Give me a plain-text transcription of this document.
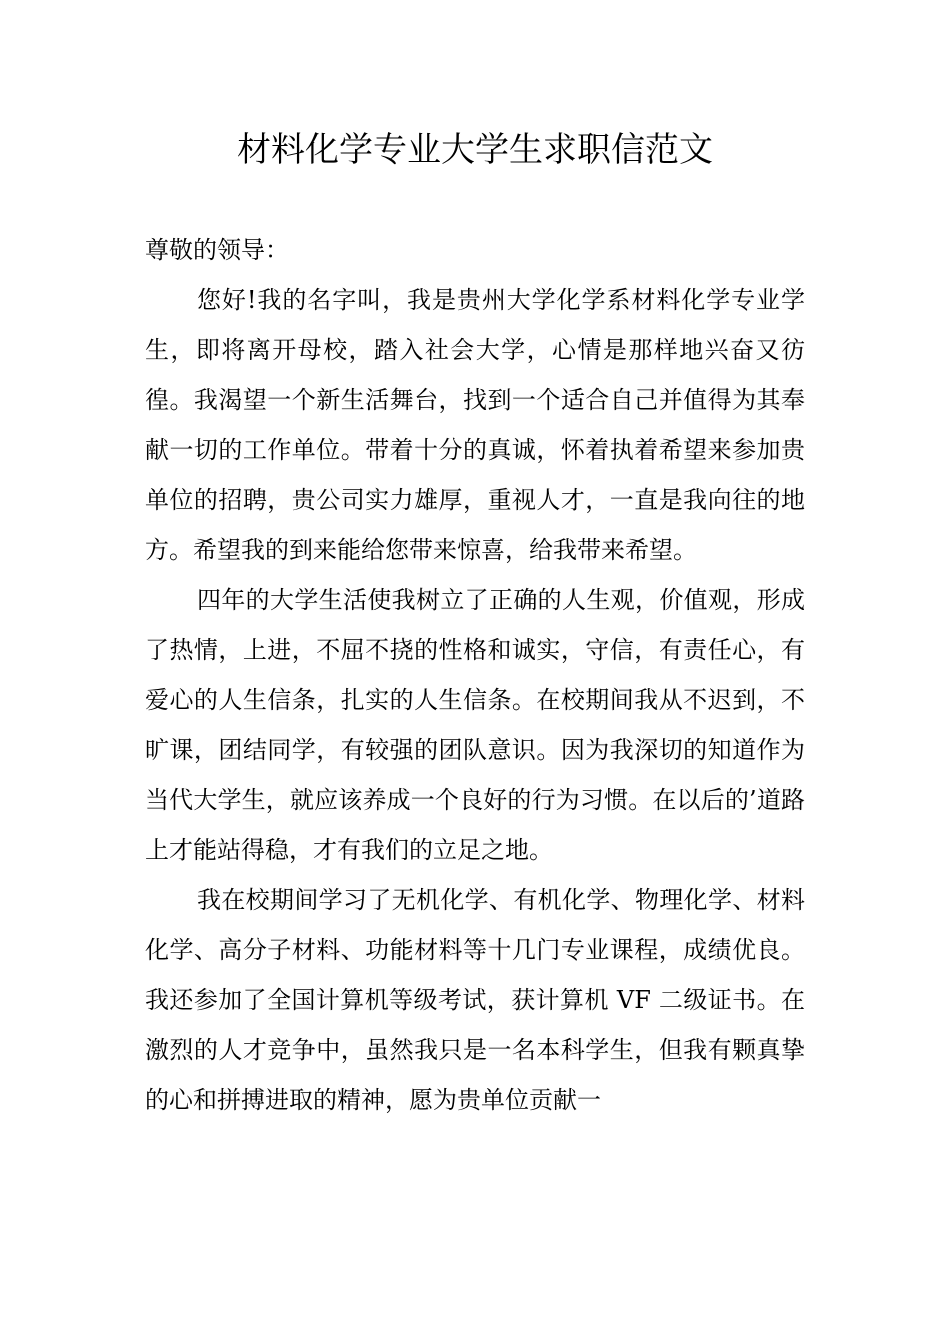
材料化学专业大学生求职信范文

尊敬的领导：

您好!我的名字叫，我是贵州大学化学系材料化学专业学生，即将离开母校，踏入社会大学，心情是那样地兴奋又彷徨。我渴望一个新生活舞台，找到一个适合自己并值得为其奉献一切的工作单位。带着十分的真诚，怀着执着希望来参加贵单位的招聘，贵公司实力雄厚，重视人才，一直是我向往的地方。希望我的到来能给您带来惊喜，给我带来希望。

四年的大学生活使我树立了正确的人生观，价值观，形成了热情，上进，不屈不挠的性格和诚实，守信，有责任心，有爱心的人生信条，扎实的人生信条。在校期间我从不迟到，不旷课，团结同学，有较强的团队意识。因为我深切的知道作为当代大学生，就应该养成一个良好的行为习惯。在以后的’道路上才能站得稳，才有我们的立足之地。

我在校期间学习了无机化学、有机化学、物理化学、材料化学、高分子材料、功能材料等十几门专业课程，成绩优良。我还参加了全国计算机等级考试，获计算机 VF 二级证书。在激烈的人才竞争中，虽然我只是一名本科学生，但我有颗真挚的心和拼搏进取的精神，愿为贵单位贡献一
